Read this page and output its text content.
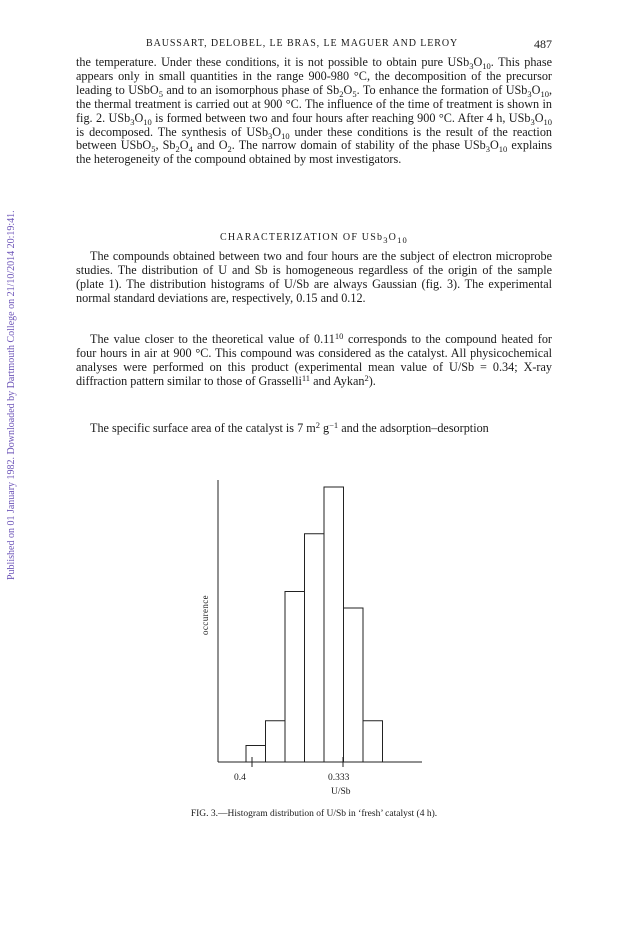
Published on 01 January 1982. Downloaded by Dartmouth College on 21/10/2014 20:19:41.
BAUSSART, DELOBEL, LE BRAS, LE MAGUER AND LEROY	487
the temperature. Under these conditions, it is not possible to obtain pure $USb_3O_{10}$. This phase appears only in small quantities in the range 900-980 °C, the decomposition of the precursor leading to USbO$_5$ and to an isomorphous phase of $Sb_2O_5$. To enhance the formation of $USb_3O_{10}$, the thermal treatment is carried out at 900 °C. The influence of the time of treatment is shown in fig. 2. $USb_3O_{10}$ is formed between two and four hours after reaching 900 °C. After 4 h, $USb_3O_{10}$ is decomposed. The synthesis of $USb_3O_{10}$ under these conditions is the result of the reaction between USbO$_5$, $Sb_2O_4$ and $O_2$. The narrow domain of stability of the phase $USb_3O_{10}$ explains the heterogeneity of the compound obtained by most investigators.
CHARACTERIZATION OF $USb_3O_{10}$
The compounds obtained between two and four hours are the subject of electron microprobe studies. The distribution of U and Sb is homogeneous regardless of the origin of the sample (plate 1). The distribution histograms of U/Sb are always Gaussian (fig. 3). The experimental normal standard deviations are, respectively, 0.15 and 0.12.
The value closer to the theoretical value of 0.11$^{10}$ corresponds to the compound heated for four hours in air at 900 °C. This compound was considered as the catalyst. All physicochemical analyses were performed on this product (experimental mean value of U/Sb = 0.34; X-ray diffraction pattern similar to those of Grasselli$^{11}$ and Aykan$^2$).
The specific surface area of the catalyst is 7 $m^2$ $g^{-1}$ and the adsorption–desorption
occurence
0.4	0.333
U/Sb
FIG. 3.—Histogram distribution of U/Sb in ‘fresh’ catalyst (4 h).
